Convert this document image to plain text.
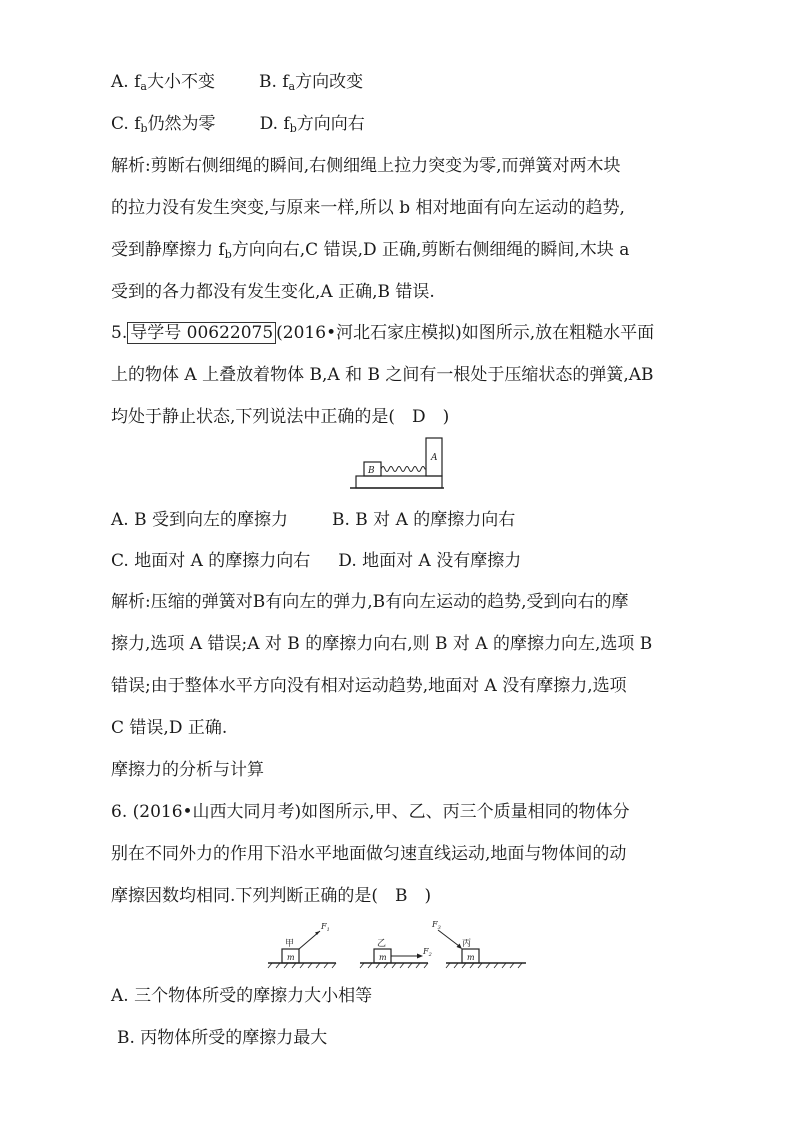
A. $f_a$大小不变	B. $f_a$方向改变
C. $f_b$仍然为零	D. $f_b$方向向右
解析:剪断右侧细绳的瞬间,右侧细绳上拉力突变为零,而弹簧对两木块
的拉力没有发生突变,与原来一样,所以 b 相对地面有向左运动的趋势,
受到静摩擦力 $f_b$方向向右,C 错误,D 正确,剪断右侧细绳的瞬间,木块 a
受到的各力都没有发生变化,A 正确,B 错误.
5. 导学号 00622075 (2016•河北石家庄模拟)如图所示,放在粗糙水平面
上的物体 A 上叠放着物体 B,A 和 B 之间有一根处于压缩状态的弹簧,AB
均处于静止状态,下列说法中正确的是(　D　)
B
A
A. B 受到向左的摩擦力	B. B 对 A 的摩擦力向右
C. 地面对 A 的摩擦力向右 D. 地面对 A 没有摩擦力
解析:压缩的弹簧对B有向左的弹力,B有向左运动的趋势,受到向右的摩
擦力,选项 A 错误;A 对 B 的摩擦力向右,则 B 对 A 的摩擦力向左,选项 B
错误;由于整体水平方向没有相对运动趋势,地面对 A 没有摩擦力,选项
C 错误,D 正确.
摩擦力的分析与计算
6. (2016•山西大同月考)如图所示,甲、乙、丙三个质量相同的物体分
别在不同外力的作用下沿水平地面做匀速直线运动,地面与物体间的动
摩擦因数均相同.下列判断正确的是(　B　)
m
甲
$F_1$
m
乙
$F_2$	m
丙
$F_3$
A. 三个物体所受的摩擦力大小相等
B. 丙物体所受的摩擦力最大
